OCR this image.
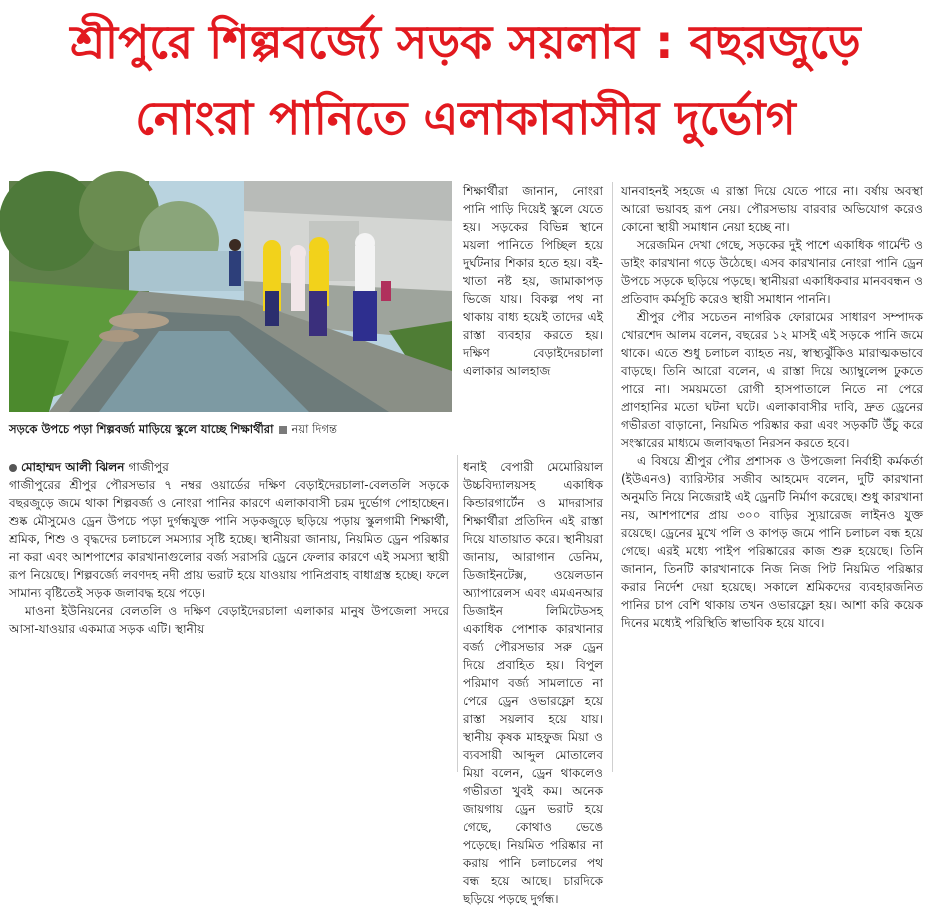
শ্রীপুরে শিল্পবর্জ্যে সড়ক সয়লাব : বছরজুড়ে
নোংরা পানিতে এলাকাবাসীর দুর্ভোগ
সড়কে উপচে পড়া শিল্পবর্জ্য মাড়িয়ে স্কুলে যাচ্ছে শিক্ষার্থীরা নয়া দিগন্ত

শিক্ষার্থীরা জানান, নোংরা পানি পাড়ি দিয়েই স্কুলে যেতে হয়। সড়কের বিভিন্ন স্থানে ময়লা পানিতে পিচ্ছিল হয়ে দুর্ঘটনার শিকার হতে হয়। বই-খাতা নষ্ট হয়, জামাকাপড় ভিজে যায়। বিকল্প পথ না থাকায় বাধ্য হয়েই তাদের এই রাস্তা ব্যবহার করতে হয়। দক্ষিণ বেড়াইদেরচালা এলাকার আলহাজ

মোহাম্মদ আলী ঝিলন গাজীপুর

গাজীপুরের শ্রীপুর পৌরসভার ৭ নম্বর ওয়ার্ডের দক্ষিণ বেড়াইদেরচালা-বেলতলি সড়কে বছরজুড়ে জমে থাকা শিল্পবর্জ্য ও নোংরা পানির কারণে এলাকাবাসী চরম দুর্ভোগ পোহাচ্ছেন। শুষ্ক মৌসুমেও ড্রেন উপচে পড়া দুর্গন্ধযুক্ত পানি সড়কজুড়ে ছড়িয়ে পড়ায় স্কুলগামী শিক্ষার্থী, শ্রমিক, শিশু ও বৃদ্ধদের চলাচলে সমস্যার সৃষ্টি হচ্ছে। স্থানীয়রা জানায়, নিয়মিত ড্রেন পরিষ্কার না করা এবং আশপাশের কারখানাগুলোর বর্জ্য সরাসরি ড্রেনে ফেলার কারণে এই সমস্যা স্থায়ী রূপ নিয়েছে। শিল্পবর্জ্যে লবণদহ নদী প্রায় ভরাট হয়ে যাওয়ায় পানিপ্রবাহ বাধাগ্রস্ত হচ্ছে। ফলে সামান্য বৃষ্টিতেই সড়ক জলাবদ্ধ হয়ে পড়ে।

মাওনা ইউনিয়নের বেলতলি ও দক্ষিণ বেড়াইদেরচালা এলাকার মানুষ উপজেলা সদরে আসা-যাওয়ার একমাত্র সড়ক এটি। স্থানীয়

ধনাই বেপারী মেমোরিয়াল উচ্চবিদ্যালয়সহ একাধিক কিন্ডারগার্টেন ও মাদরাসার শিক্ষার্থীরা প্রতিদিন এই রাস্তা দিয়ে যাতায়াত করে। স্থানীয়রা জানায়, আরাগান ডেনিম, ডিজাইনটেক্স, ওয়েলডান অ্যাপারেলস এবং এমএনআর ডিজাইন লিমিটেডসহ একাধিক পোশাক কারখানার বর্জ্য পৌরসভার সরু ড্রেন দিয়ে প্রবাহিত হয়। বিপুল পরিমাণ বর্জ্য সামলাতে না পেরে ড্রেন ওভারফ্লো হয়ে রাস্তা সয়লাব হয়ে যায়। স্থানীয় কৃষক মাহফুজ মিয়া ও ব্যবসায়ী আব্দুল মোতালেব মিয়া বলেন, ড্রেন থাকলেও গভীরতা খুবই কম। অনেক জায়গায় ড্রেন ভরাট হয়ে গেছে, কোথাও ভেঙে পড়েছে। নিয়মিত পরিষ্কার না করায় পানি চলাচলের পথ বন্ধ হয়ে আছে। চারদিকে ছড়িয়ে পড়ছে দুর্গন্ধ।

যানবাহনই সহজে এ রাস্তা দিয়ে যেতে পারে না। বর্ষায় অবস্থা আরো ভয়াবহ রূপ নেয়। পৌরসভায় বারবার অভিযোগ করেও কোনো স্থায়ী সমাধান নেয়া হচ্ছে না।

সরেজমিন দেখা গেছে, সড়কের দুই পাশে একাধিক গার্মেন্ট ও ডাইং কারখানা গড়ে উঠেছে। এসব কারখানার নোংরা পানি ড্রেন উপচে সড়কে ছড়িয়ে পড়ছে। স্থানীয়রা একাধিকবার মানববন্ধন ও প্রতিবাদ কর্মসূচি করেও স্থায়ী সমাধান পাননি।

শ্রীপুর পৌর সচেতন নাগরিক ফোরামের সাধারণ সম্পাদক খোরশেদ আলম বলেন, বছরের ১২ মাসই এই সড়কে পানি জমে থাকে। এতে শুধু চলাচল ব্যাহত নয়, স্বাস্থ্যঝুঁকিও মারাত্মকভাবে বাড়ছে। তিনি আরো বলেন, এ রাস্তা দিয়ে অ্যাম্বুলেন্স ঢুকতে পারে না। সময়মতো রোগী হাসপাতালে নিতে না পেরে প্রাণহানির মতো ঘটনা ঘটে। এলাকাবাসীর দাবি, দ্রুত ড্রেনের গভীরতা বাড়ানো, নিয়মিত পরিষ্কার করা এবং সড়কটি উঁচু করে সংস্কারের মাধ্যমে জলাবদ্ধতা নিরসন করতে হবে।

এ বিষয়ে শ্রীপুর পৌর প্রশাসক ও উপজেলা নির্বাহী কর্মকর্তা (ইউএনও) ব্যারিস্টার সজীব আহমেদ বলেন, দুটি কারখানা অনুমতি নিয়ে নিজেরাই এই ড্রেনটি নির্মাণ করেছে। শুধু কারখানা নয়, আশপাশের প্রায় ৩০০ বাড়ির স্যুয়ারেজ লাইনও যুক্ত রয়েছে। ড্রেনের মুখে পলি ও কাপড় জমে পানি চলাচল বন্ধ হয়ে গেছে। এরই মধ্যে পাইপ পরিষ্কারের কাজ শুরু হয়েছে। তিনি জানান, তিনটি কারখানাকে নিজ নিজ পিট নিয়মিত পরিষ্কার করার নির্দেশ দেয়া হয়েছে। সকালে শ্রমিকদের ব্যবহারজনিত পানির চাপ বেশি থাকায় তখন ওভারফ্লো হয়। আশা করি কয়েক দিনের মধ্যেই পরিস্থিতি স্বাভাবিক হয়ে যাবে।
